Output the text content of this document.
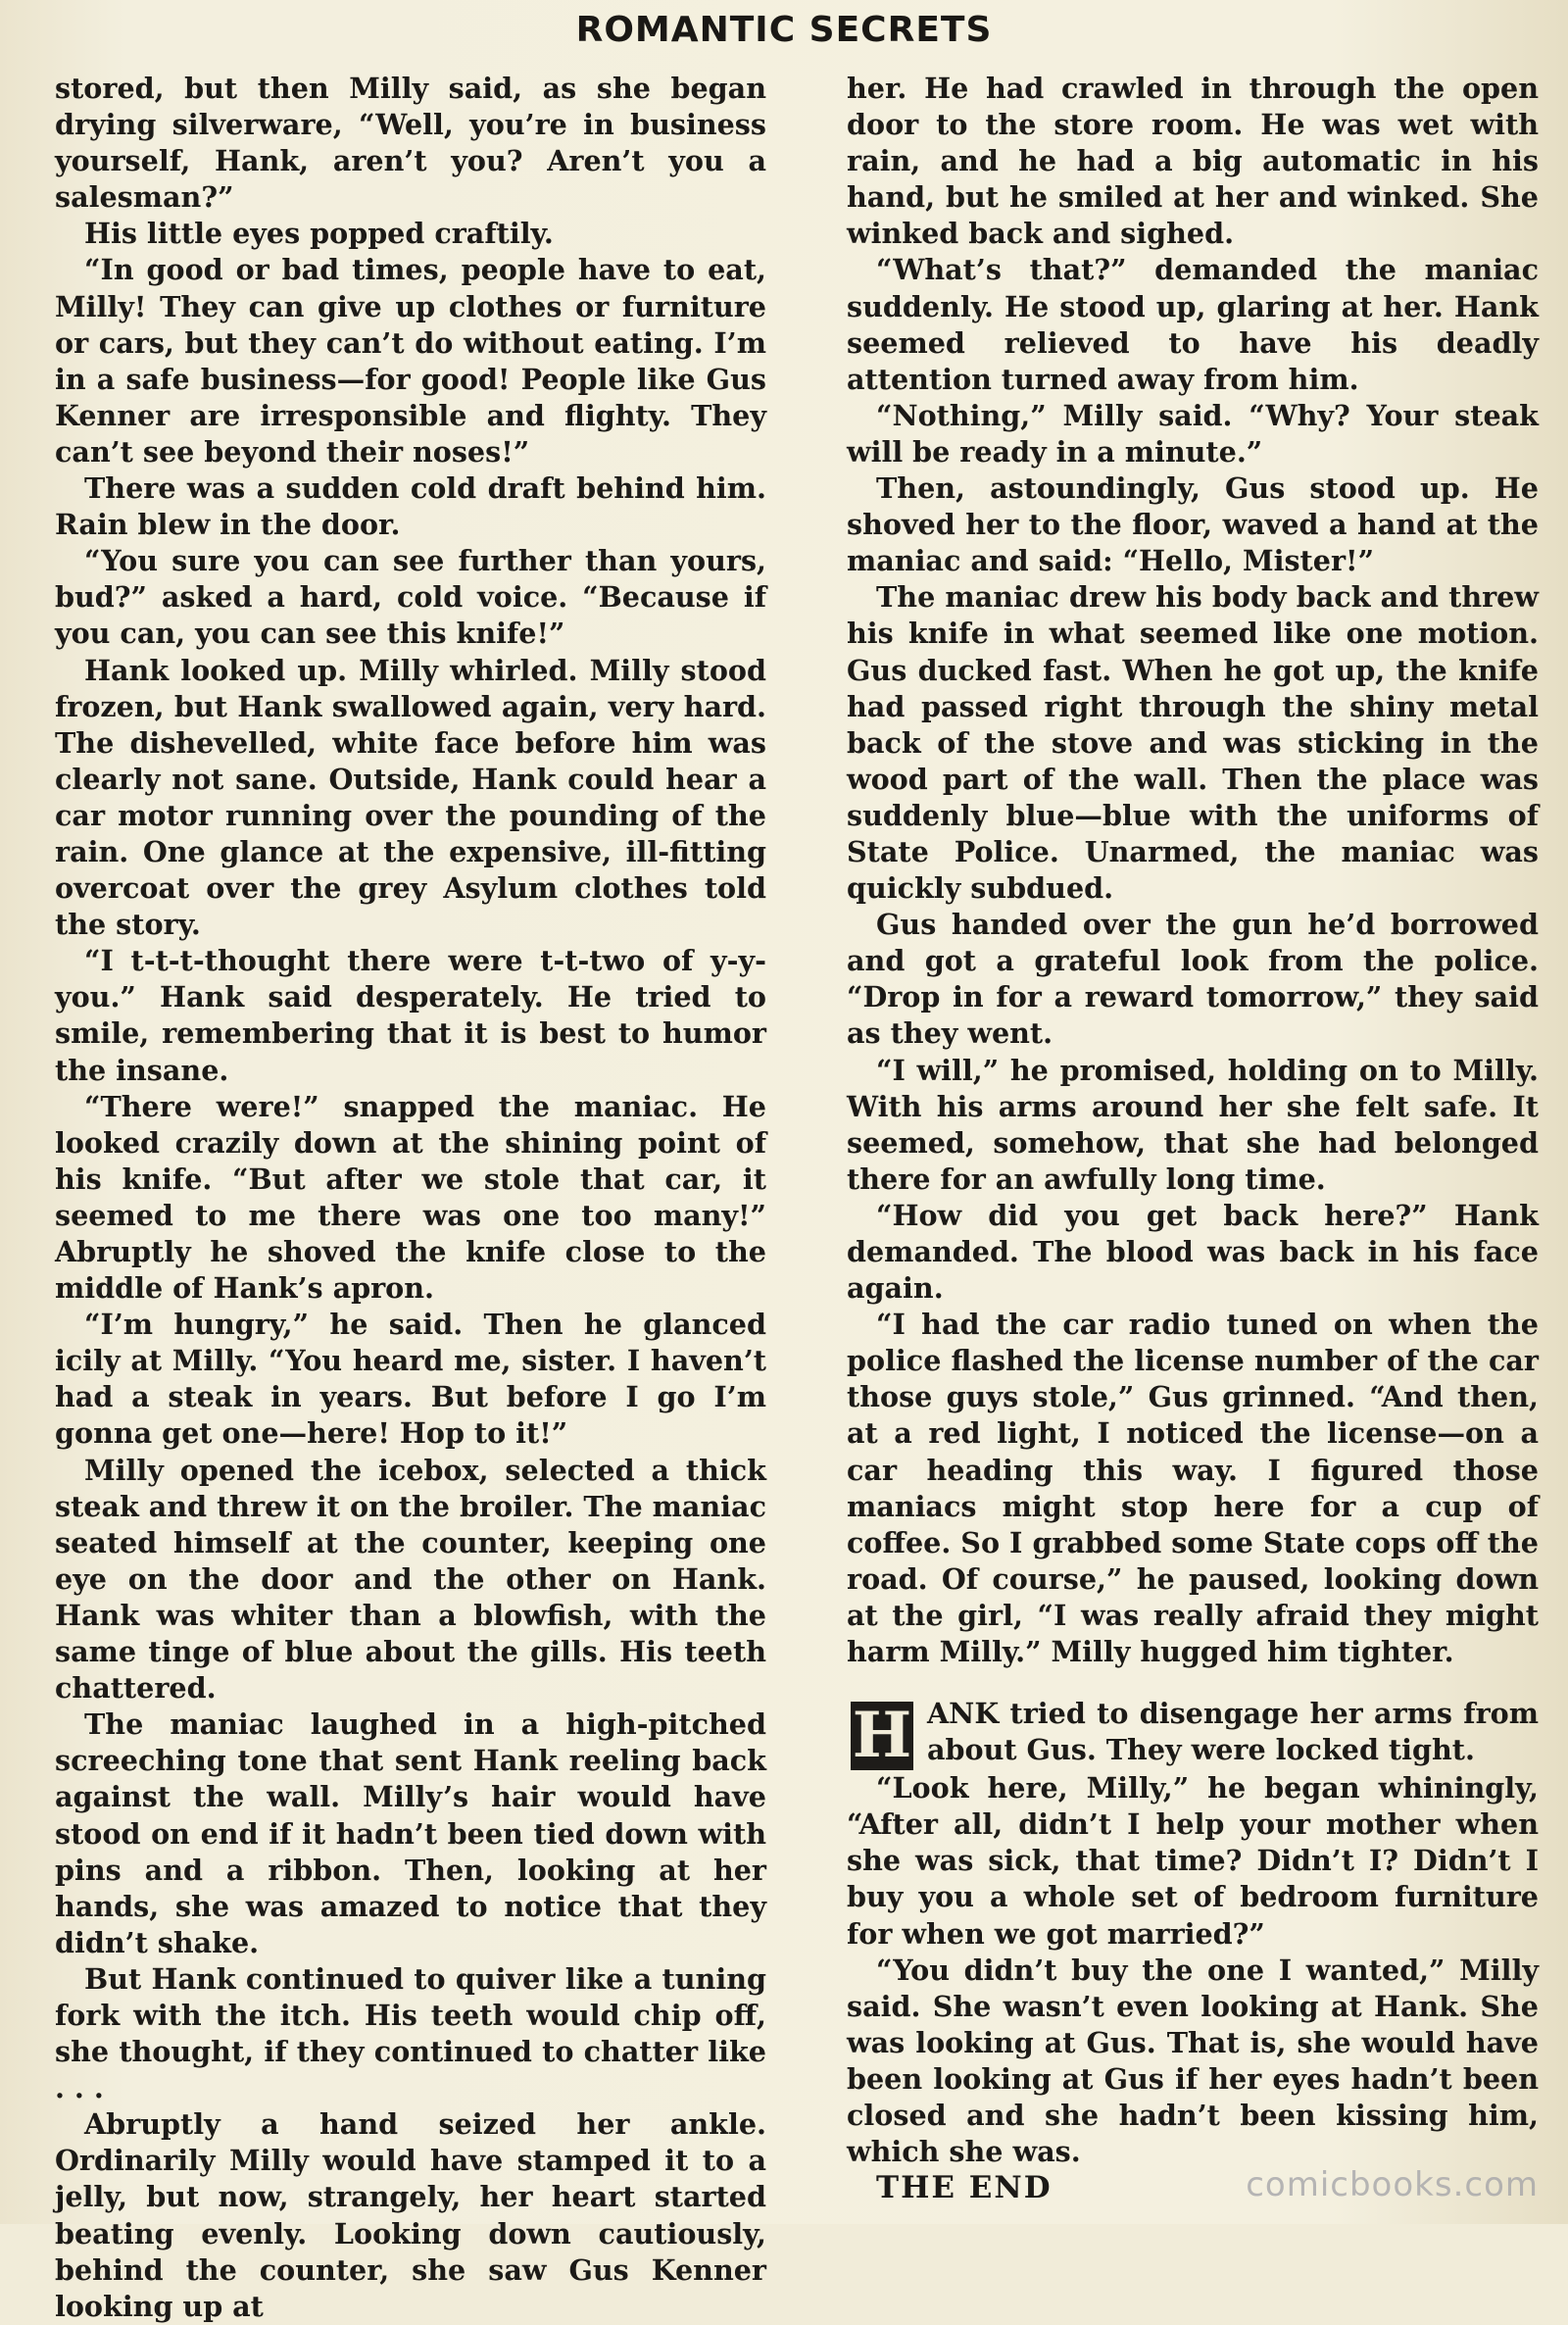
ROMANTIC SECRETS

stored, but then Milly said, as she began drying silverware, “Well, you’re in business yourself, Hank, aren’t you? Aren’t you a salesman?”

His little eyes popped craftily.

“In good or bad times, people have to eat, Milly! They can give up clothes or furniture or cars, but they can’t do without eating. I’m in a safe business—for good! People like Gus Kenner are irresponsible and flighty. They can’t see beyond their noses!”

There was a sudden cold draft behind him. Rain blew in the door.

“You sure you can see further than yours, bud?” asked a hard, cold voice. “Because if you can, you can see this knife!”

Hank looked up. Milly whirled. Milly stood frozen, but Hank swallowed again, very hard. The dishevelled, white face before him was clearly not sane. Outside, Hank could hear a car motor running over the pounding of the rain. One glance at the expensive, ill-fitting overcoat over the grey Asylum clothes told the story.

“I t-t-t-thought there were t-t-two of y-y-you.” Hank said desperately. He tried to smile, remembering that it is best to humor the insane.

“There were!” snapped the maniac. He looked crazily down at the shining point of his knife. “But after we stole that car, it seemed to me there was one too many!” Abruptly he shoved the knife close to the middle of Hank’s apron.

“I’m hungry,” he said. Then he glanced icily at Milly. “You heard me, sister. I haven’t had a steak in years. But before I go I’m gonna get one—here! Hop to it!”

Milly opened the icebox, selected a thick steak and threw it on the broiler. The maniac seated himself at the counter, keeping one eye on the door and the other on Hank. Hank was whiter than a blowfish, with the same tinge of blue about the gills. His teeth chattered.

The maniac laughed in a high-pitched screeching tone that sent Hank reeling back against the wall. Milly’s hair would have stood on end if it hadn’t been tied down with pins and a ribbon. Then, looking at her hands, she was amazed to notice that they didn’t shake.

But Hank continued to quiver like a tuning fork with the itch. His teeth would chip off, she thought, if they continued to chatter like . . .

Abruptly a hand seized her ankle. Ordinarily Milly would have stamped it to a jelly, but now, strangely, her heart started beating evenly. Looking down cautiously, behind the counter, she saw Gus Kenner looking up at

her. He had crawled in through the open door to the store room. He was wet with rain, and he had a big automatic in his hand, but he smiled at her and winked. She winked back and sighed.

“What’s that?” demanded the maniac suddenly. He stood up, glaring at her. Hank seemed relieved to have his deadly attention turned away from him.

“Nothing,” Milly said. “Why? Your steak will be ready in a minute.”

Then, astoundingly, Gus stood up. He shoved her to the floor, waved a hand at the maniac and said: “Hello, Mister!”

The maniac drew his body back and threw his knife in what seemed like one motion. Gus ducked fast. When he got up, the knife had passed right through the shiny metal back of the stove and was sticking in the wood part of the wall. Then the place was suddenly blue—blue with the uniforms of State Police. Unarmed, the maniac was quickly subdued.

Gus handed over the gun he’d borrowed and got a grateful look from the police. “Drop in for a reward tomorrow,” they said as they went.

“I will,” he promised, holding on to Milly. With his arms around her she felt safe. It seemed, somehow, that she had belonged there for an awfully long time.

“How did you get back here?” Hank demanded. The blood was back in his face again.

“I had the car radio tuned on when the police flashed the license number of the car those guys stole,” Gus grinned. “And then, at a red light, I noticed the license—on a car heading this way. I figured those maniacs might stop here for a cup of coffee. So I grabbed some State cops off the road. Of course,” he paused, looking down at the girl, “I was really afraid they might harm Milly.” Milly hugged him tighter.

H ANK tried to disengage her arms from about Gus. They were locked tight.

“Look here, Milly,” he began whiningly, “After all, didn’t I help your mother when she was sick, that time? Didn’t I? Didn’t I buy you a whole set of bedroom furniture for when we got married?”

“You didn’t buy the one I wanted,” Milly said. She wasn’t even looking at Hank. She was looking at Gus. That is, she would have been looking at Gus if her eyes hadn’t been closed and she hadn’t been kissing him, which she was.

THE END	comicbooks.com
